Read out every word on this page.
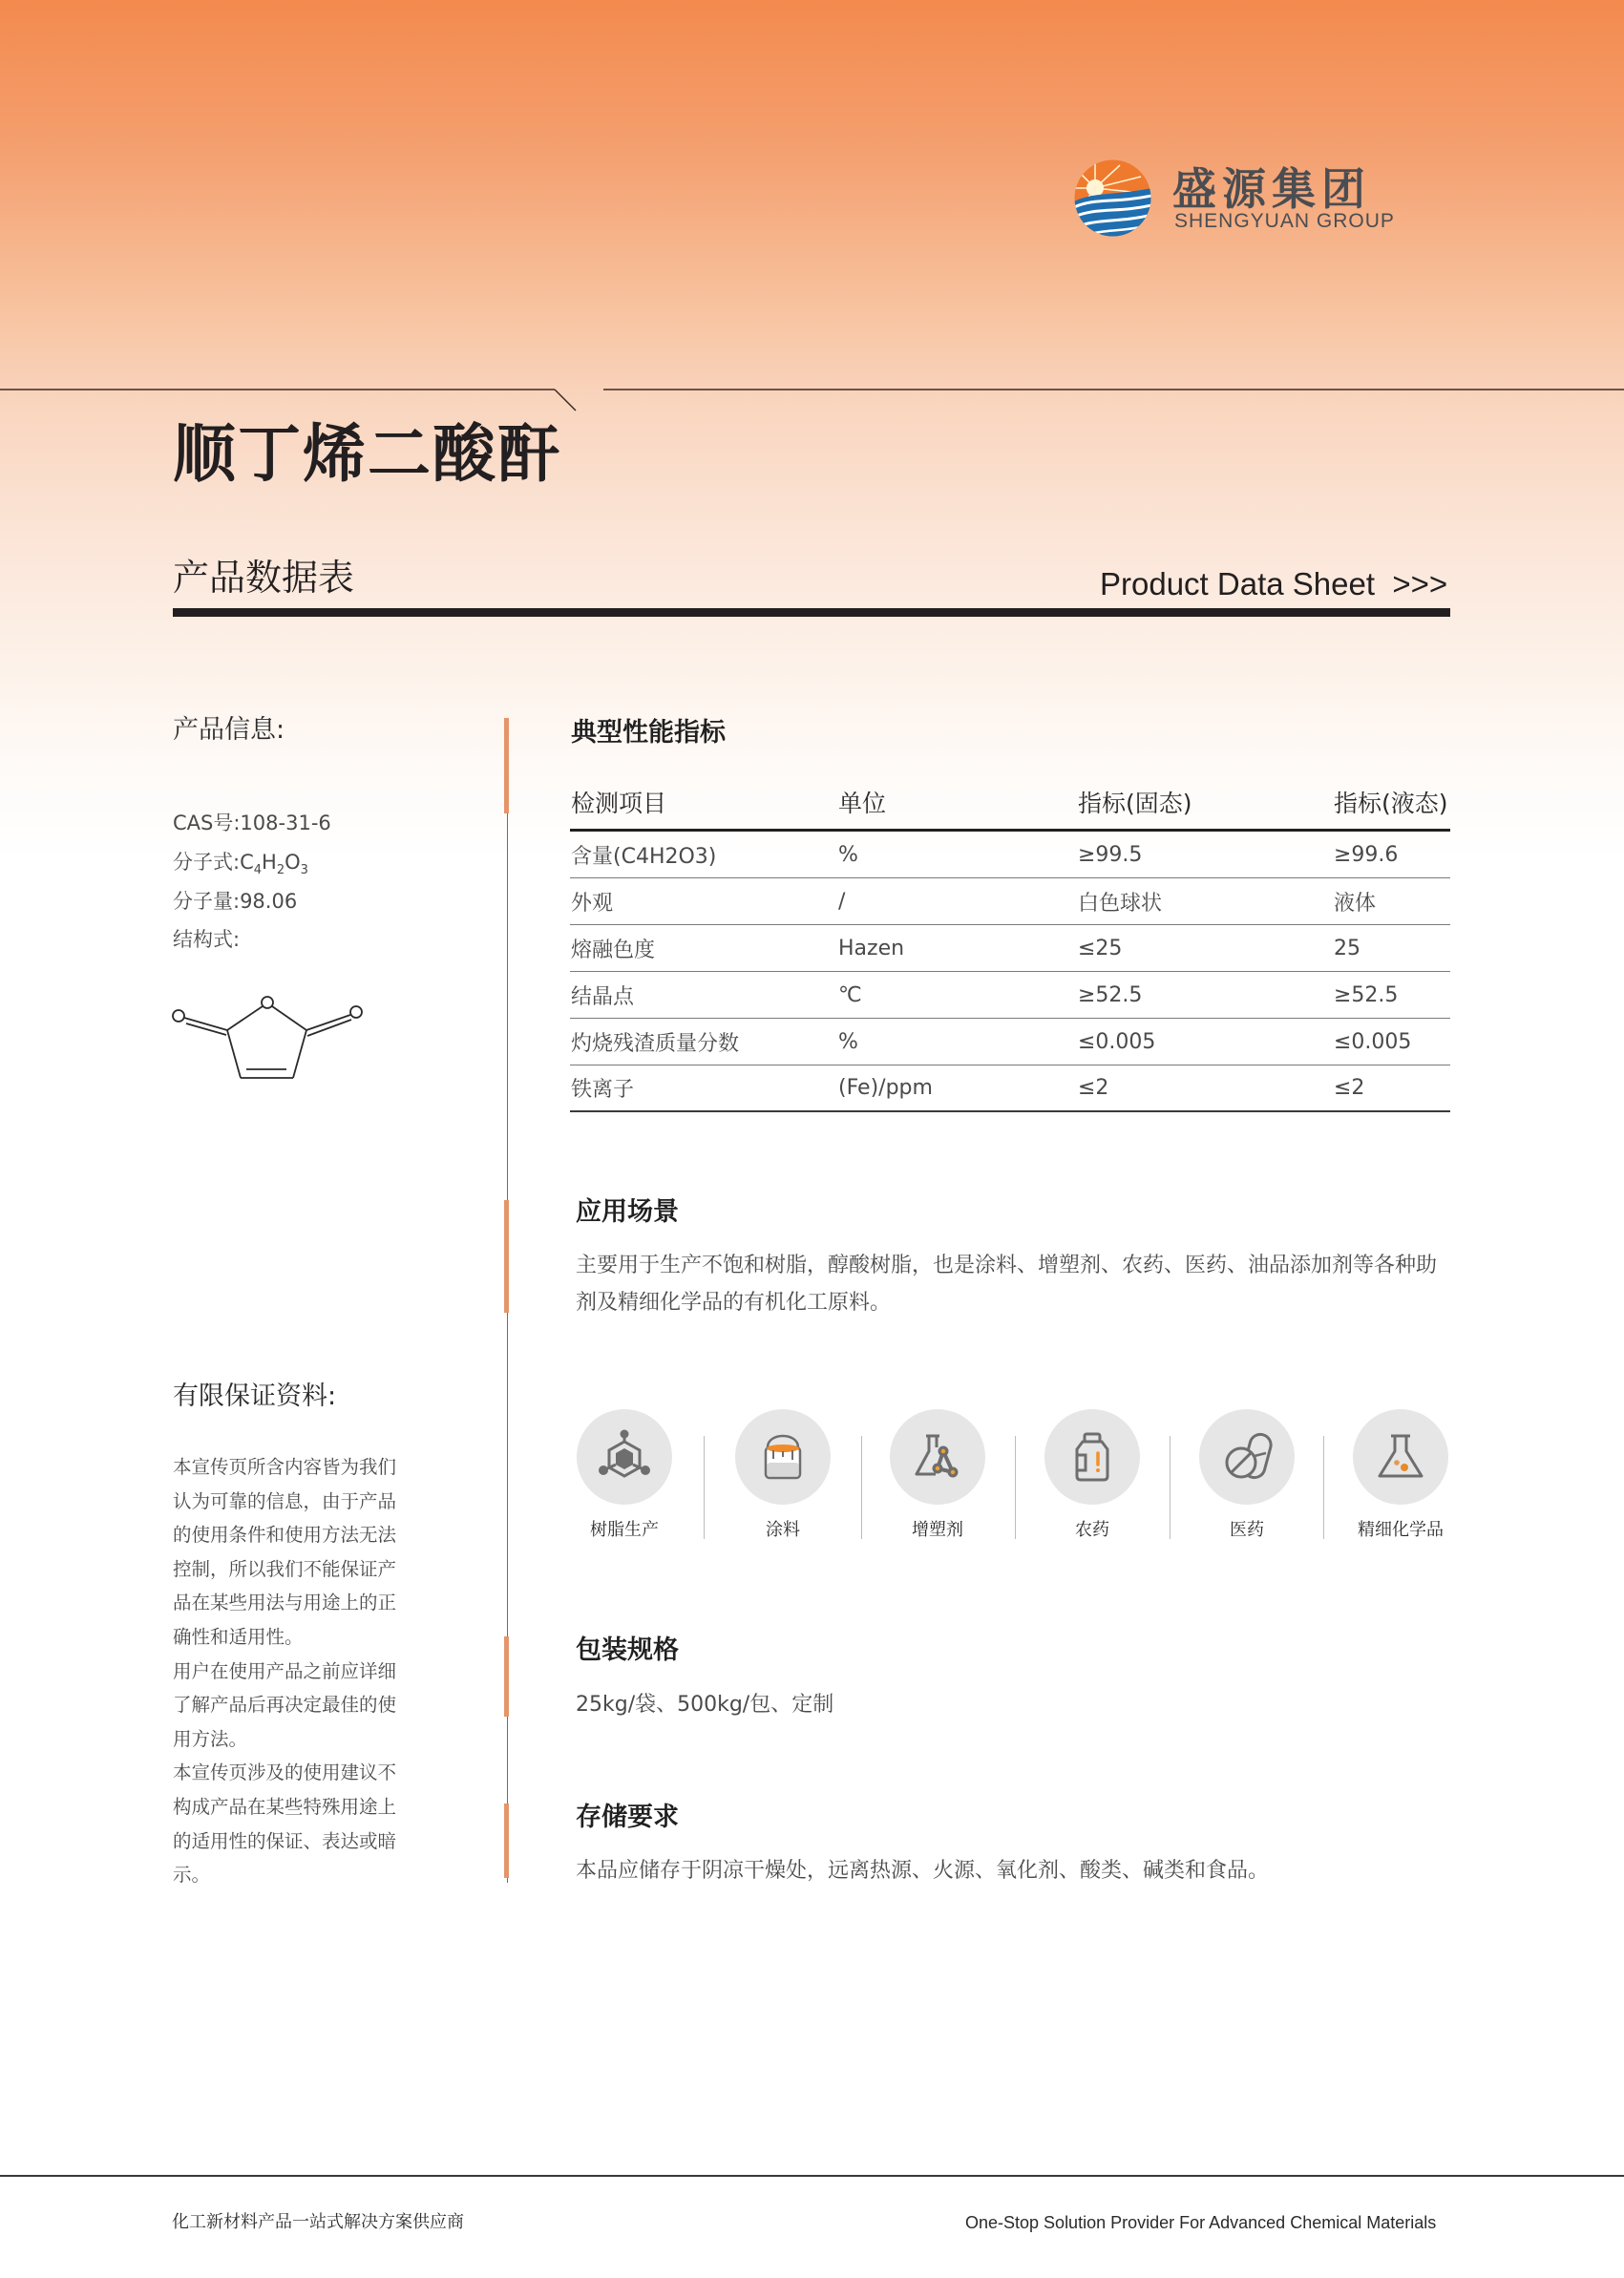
盛源集团
SHENGYUAN GROUP
顺丁烯二酸酐
产品数据表	Product Data Sheet  >>>
产品信息:
CAS号:108-31-6
分子式$:C_4H_2O_3$
分子量:98.06
结构式:
有限保证资料:

本宣传页所含内容皆为我们认为可靠的信息，由于产品的使用条件和使用方法无法控制，所以我们不能保证产品在某些用法与用途上的正确性和适用性。

用户在使用产品之前应详细了解产品后再决定最佳的使用方法。

本宣传页涉及的使用建议不构成产品在某些特殊用途上的适用性的保证、表达或暗示。

典型性能指标
检测项目	单位	指标(固态)	指标(液态)
含量(C4H2O3)	%	≥99.5	≥99.6
外观	/	白色球状	液体
熔融色度	Hazen	≤25	25
结晶点	℃	≥52.5	≥52.5
灼烧残渣质量分数	%	≤0.005	≤0.005
铁离子	(Fe)/ppm	≤2	≤2
应用场景
主要用于生产不饱和树脂，醇酸树脂，也是涂料、增塑剂、农药、医药、油品添加剂等各种助剂及精细化学品的有机化工原料。
树脂生产	涂料	增塑剂	农药	医药	精细化学品
包装规格
25kg/袋、500kg/包、定制
存储要求
本品应储存于阴凉干燥处，远离热源、火源、氧化剂、酸类、碱类和食品。
化工新材料产品一站式解决方案供应商	One-Stop Solution Provider For Advanced Chemical Materials
